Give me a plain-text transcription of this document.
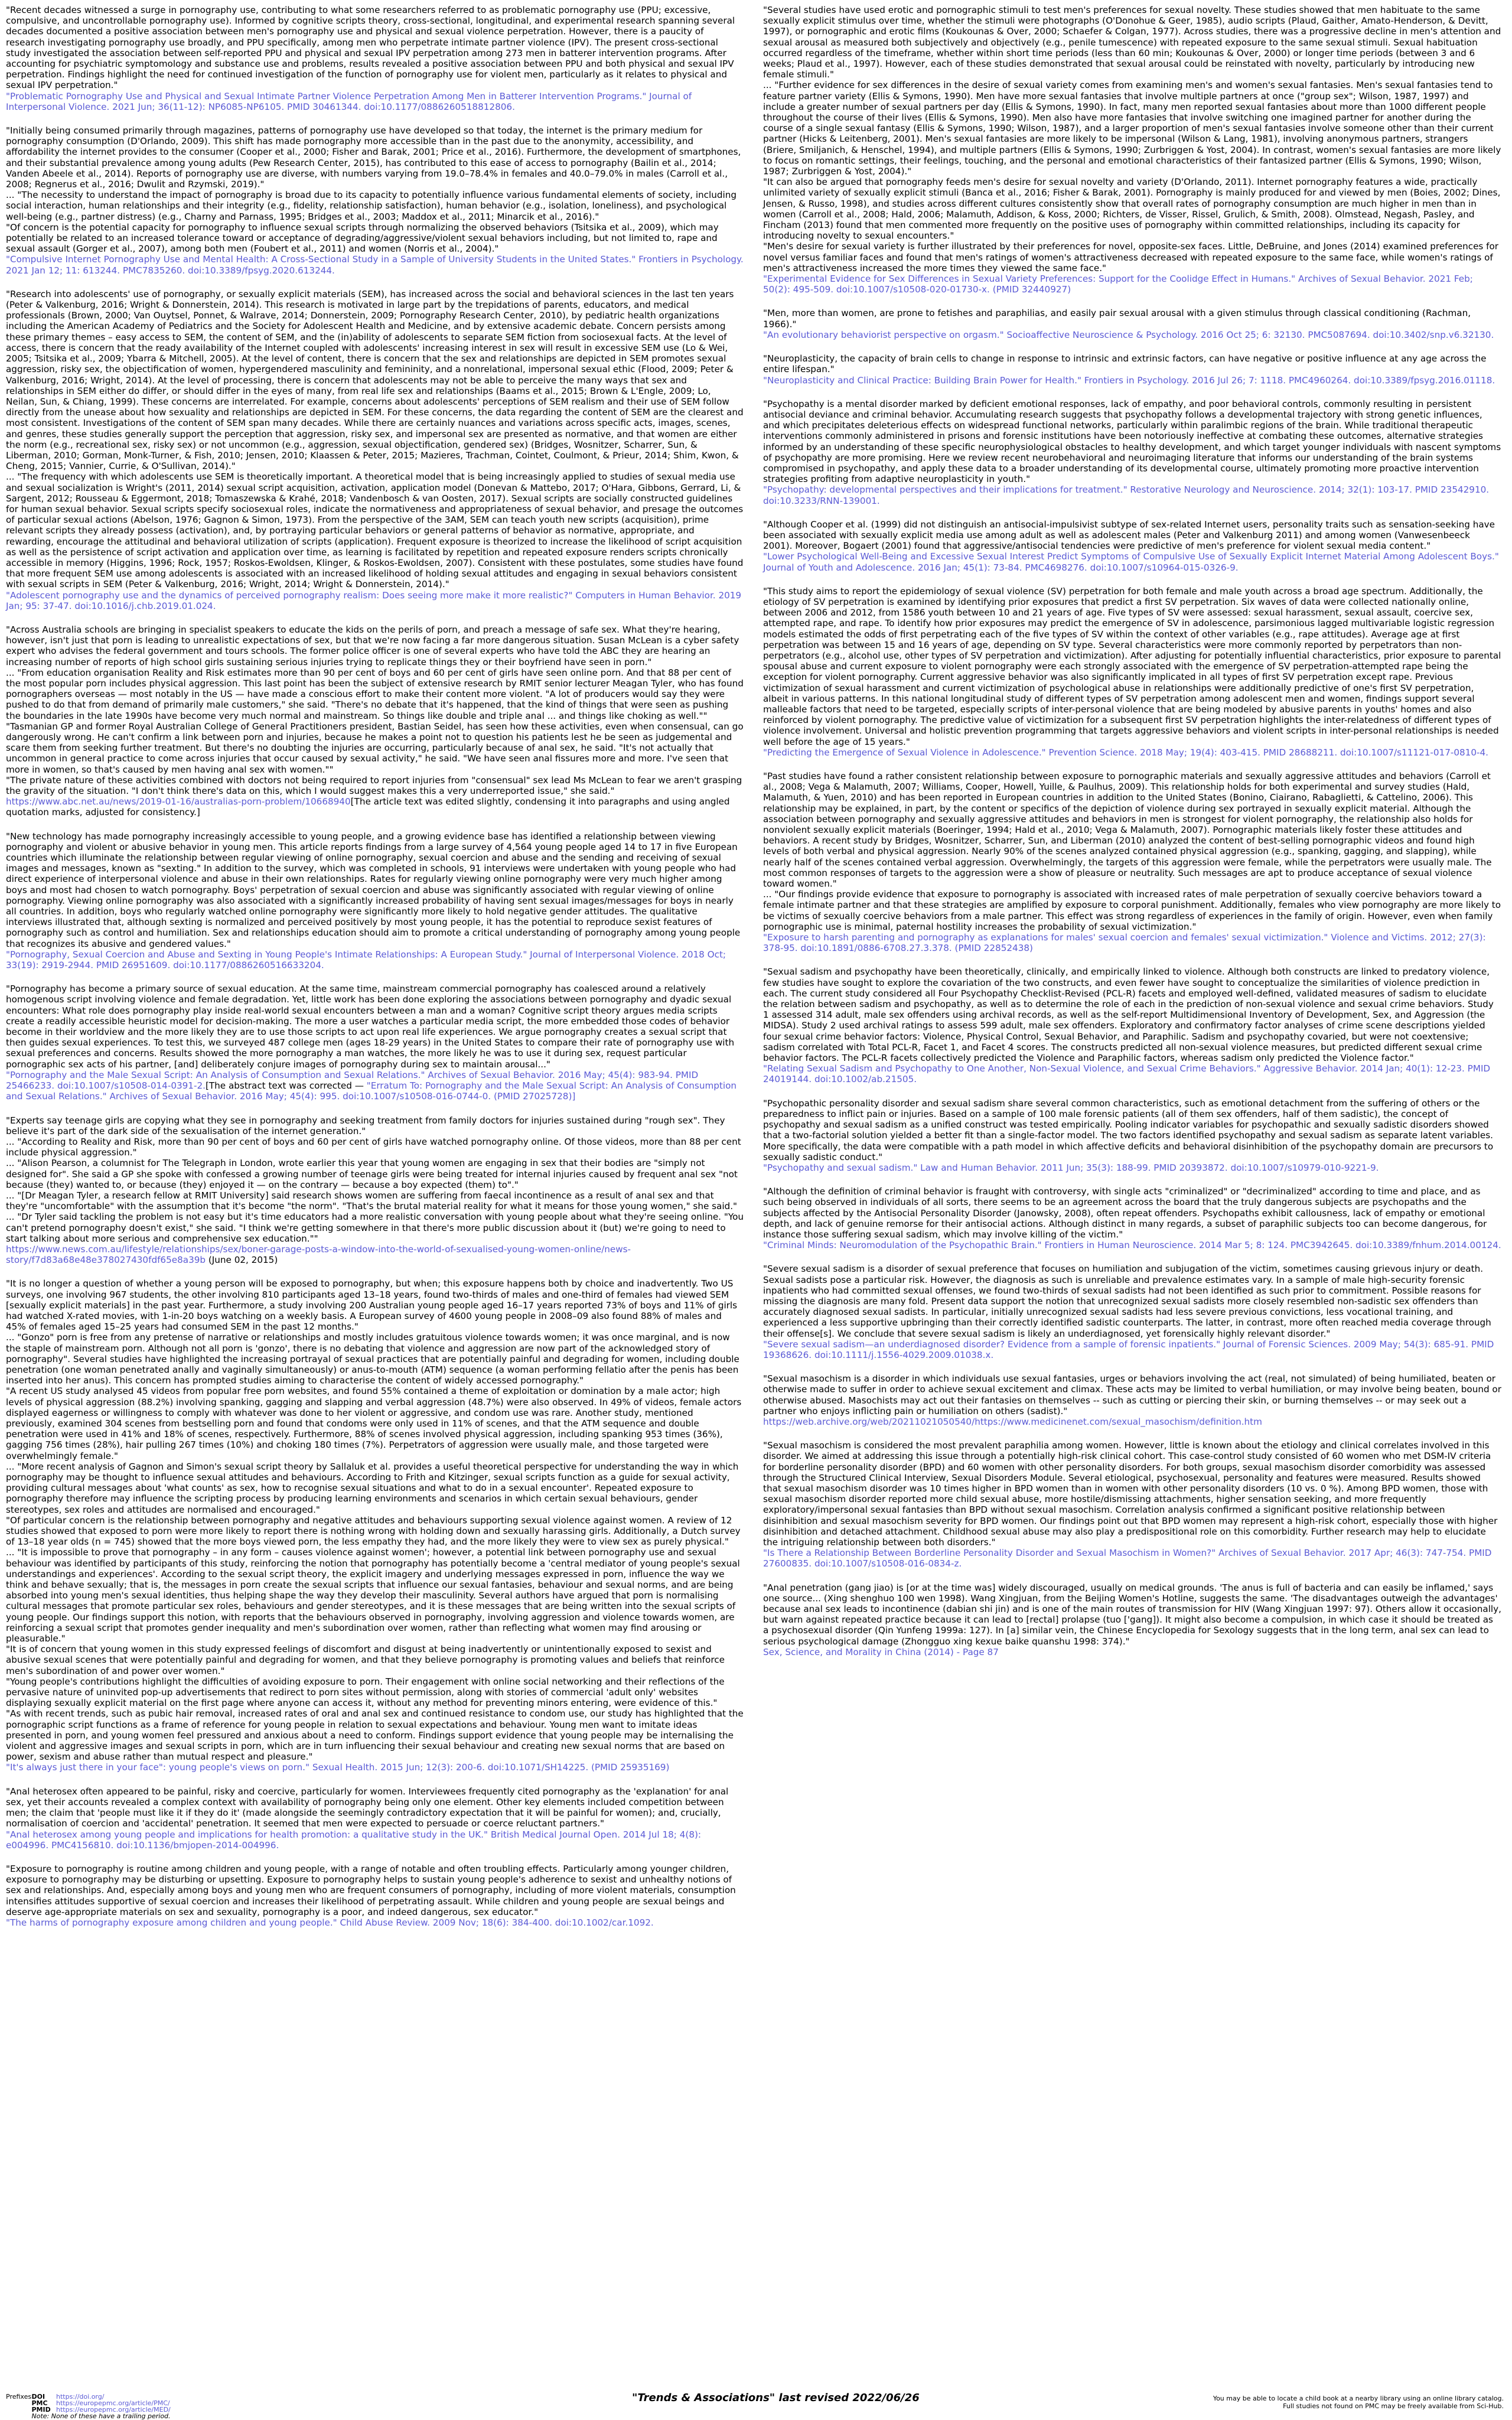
"Recent decades witnessed a surge in pornography use, contributing to what some researchers referred to as problematic pornography use (PPU; excessive, compulsive, and uncontrollable pornography use). Informed by cognitive scripts theory, cross-sectional, longitudinal, and experimental research spanning several decades documented a positive association between men's pornography use and physical and sexual violence perpetration. However, there is a paucity of research investigating pornography use broadly, and PPU specifically, among men who perpetrate intimate partner violence (IPV). The present cross-sectional study investigated the association between self-reported PPU and physical and sexual IPV perpetration among 273 men in batterer intervention programs. After accounting for psychiatric symptomology and substance use and problems, results revealed a positive association between PPU and both physical and sexual IPV perpetration. Findings highlight the need for continued investigation of the function of pornography use for violent men, particularly as it relates to physical and sexual IPV perpetration."

"Problematic Pornography Use and Physical and Sexual Intimate Partner Violence Perpetration Among Men in Batterer Intervention Programs." Journal of Interpersonal Violence. 2021 Jun; 36(11-12): NP6085-NP6105. PMID 30461344. doi:10.1177/0886260518812806.

"Initially being consumed primarily through magazines, patterns of pornography use have developed so that today, the internet is the primary medium for pornography consumption (D'Orlando, 2009). This shift has made pornography more accessible than in the past due to the anonymity, accessibility, and affordability the internet provides to the consumer (Cooper et al., 2000; Fisher and Barak, 2001; Price et al., 2016). Furthermore, the development of smartphones, and their substantial prevalence among young adults (Pew Research Center, 2015), has contributed to this ease of access to pornography (Bailin et al., 2014; Vanden Abeele et al., 2014). Reports of pornography use are diverse, with numbers varying from 19.0–78.4% in females and 40.0–79.0% in males (Carroll et al., 2008; Regnerus et al., 2016; Dwulit and Rzymski, 2019)."
... "The necessity to understand the impact of pornography is broad due to its capacity to potentially influence various fundamental elements of society, including social interaction, human relationships and their integrity (e.g., fidelity, relationship satisfaction), human behavior (e.g., isolation, loneliness), and psychological well-being (e.g., partner distress) (e.g., Charny and Parnass, 1995; Bridges et al., 2003; Maddox et al., 2011; Minarcik et al., 2016)."
"Of concern is the potential capacity for pornography to influence sexual scripts through normalizing the observed behaviors (Tsitsika et al., 2009), which may potentially be related to an increased tolerance toward or acceptance of degrading/aggressive/violent sexual behaviors including, but not limited to, rape and sexual assault (Gorger et al., 2007), among both men (Foubert et al., 2011) and women (Norris et al., 2004)."

"Compulsive Internet Pornography Use and Mental Health: A Cross-Sectional Study in a Sample of University Students in the United States." Frontiers in Psychology. 2021 Jan 12; 11: 613244. PMC7835260. doi:10.3389/fpsyg.2020.613244.

"Research into adolescents' use of pornography, or sexually explicit materials (SEM), has increased across the social and behavioral sciences in the last ten years (Peter & Valkenburg, 2016; Wright & Donnerstein, 2014). This research is motivated in large part by the trepidations of parents, educators, and medical professionals (Brown, 2000; Van Ouytsel, Ponnet, & Walrave, 2014; Donnerstein, 2009; Pornography Research Center, 2010), by pediatric health organizations including the American Academy of Pediatrics and the Society for Adolescent Health and Medicine, and by extensive academic debate. Concern persists among these primary themes – easy access to SEM, the content of SEM, and the (in)ability of adolescents to separate SEM fiction from sociosexual facts. At the level of access, there is concern that the ready availability of the Internet coupled with adolescents' increasing interest in sex will result in excessive SEM use (Lo & Wei, 2005; Tsitsika et al., 2009; Ybarra & Mitchell, 2005). At the level of content, there is concern that the sex and relationships are depicted in SEM promotes sexual aggression, risky sex, the objectification of women, hypergendered masculinity and femininity, and a nonrelational, impersonal sexual ethic (Flood, 2009; Peter & Valkenburg, 2016; Wright, 2014). At the level of processing, there is concern that adolescents may not be able to perceive the many ways that sex and relationships in SEM either do differ, or should differ in the eyes of many, from real life sex and relationships (Baams et al., 2015; Brown & L'Engle, 2009; Lo, Neilan, Sun, & Chiang, 1999). These concerns are interrelated. For example, concerns about adolescents' perceptions of SEM realism and their use of SEM follow directly from the unease about how sexuality and relationships are depicted in SEM. For these concerns, the data regarding the content of SEM are the clearest and most consistent. Investigations of the content of SEM span many decades. While there are certainly nuances and variations across specific acts, images, scenes, and genres, these studies generally support the perception that aggression, risky sex, and impersonal sex are presented as normative, and that women are either the norm (e.g., recreational sex, risky sex) or not uncommon (e.g., aggression, sexual objectification, gendered sex) (Bridges, Wosnitzer, Scharrer, Sun, & Liberman, 2010; Gorman, Monk-Turner, & Fish, 2010; Jensen, 2010; Klaassen & Peter, 2015; Mazieres, Trachman, Cointet, Coulmont, & Prieur, 2014; Shim, Kwon, & Cheng, 2015; Vannier, Currie, & O'Sullivan, 2014)."
... "The frequency with which adolescents use SEM is theoretically important. A theoretical model that is being increasingly applied to studies of sexual media use and sexual socialization is Wright's (2011, 2014) sexual script acquisition, activation, application model (Donevan & Mattebo, 2017; O'Hara, Gibbons, Gerrard, Li, & Sargent, 2012; Rousseau & Eggermont, 2018; Tomaszewska & Krahé, 2018; Vandenbosch & van Oosten, 2017). Sexual scripts are socially constructed guidelines for human sexual behavior. Sexual scripts specify sociosexual roles, indicate the normativeness and appropriateness of sexual behavior, and presage the outcomes of particular sexual actions (Abelson, 1976; Gagnon & Simon, 1973). From the perspective of the 3AM, SEM can teach youth new scripts (acquisition), prime relevant scripts they already possess (activation), and, by portraying particular behaviors or general patterns of behavior as normative, appropriate, and rewarding, encourage the attitudinal and behavioral utilization of scripts (application). Frequent exposure is theorized to increase the likelihood of script acquisition as well as the persistence of script activation and application over time, as learning is facilitated by repetition and repeated exposure renders scripts chronically accessible in memory (Higgins, 1996; Rock, 1957; Roskos-Ewoldsen, Klinger, & Roskos-Ewoldsen, 2007). Consistent with these postulates, some studies have found that more frequent SEM use among adolescents is associated with an increased likelihood of holding sexual attitudes and engaging in sexual behaviors consistent with sexual scripts in SEM (Peter & Valkenburg, 2016; Wright, 2014; Wright & Donnerstein, 2014)."

"Adolescent pornography use and the dynamics of perceived pornography realism: Does seeing more make it more realistic?" Computers in Human Behavior. 2019 Jan; 95: 37-47. doi:10.1016/j.chb.2019.01.024.

"Across Australia schools are bringing in specialist speakers to educate the kids on the perils of porn, and preach a message of safe sex. What they're hearing, however, isn't just that porn is leading to unrealistic expectations of sex, but that we're now facing a far more dangerous situation. Susan McLean is a cyber safety expert who advises the federal government and tours schools. The former police officer is one of several experts who have told the ABC they are hearing an increasing number of reports of high school girls sustaining serious injuries trying to replicate things they or their boyfriend have seen in porn."
... "From education organisation Reality and Risk estimates more than 90 per cent of boys and 60 per cent of girls have seen online porn. And that 88 per cent of the most popular porn includes physical aggression. This last point has been the subject of extensive research by RMIT senior lecturer Meagan Tyler, who has found pornographers overseas — most notably in the US — have made a conscious effort to make their content more violent. "A lot of producers would say they were pushed to do that from demand of primarily male customers," she said. "There's no debate that it's happened, that the kind of things that were seen as pushing the boundaries in the late 1990s have become very much normal and mainstream. So things like double and triple anal ... and things like choking as well.""
"Tasmanian GP and former Royal Australian College of General Practitioners president, Bastian Seidel, has seen how these activities, even when consensual, can go dangerously wrong. He can't confirm a link between porn and injuries, because he makes a point not to question his patients lest he be seen as judgemental and scare them from seeking further treatment. But there's no doubting the injuries are occurring, particularly because of anal sex, he said. "It's not actually that uncommon in general practice to come across injuries that occur caused by sexual activity," he said. "We have seen anal fissures more and more. I've seen that more in women, so that's caused by men having anal sex with women.""
"The private nature of these activities combined with doctors not being required to report injuries from "consensual" sex lead Ms McLean to fear we aren't grasping the gravity of the situation. "I don't think there's data on this, which I would suggest makes this a very underreported issue," she said."

https://www.abc.net.au/news/2019-01-16/australias-porn-problem/10668940[The article text was edited slightly, condensing it into paragraphs and using angled quotation marks, adjusted for consistency.]

"New technology has made pornography increasingly accessible to young people, and a growing evidence base has identified a relationship between viewing pornography and violent or abusive behavior in young men. This article reports findings from a large survey of 4,564 young people aged 14 to 17 in five European countries which illuminate the relationship between regular viewing of online pornography, sexual coercion and abuse and the sending and receiving of sexual images and messages, known as "sexting." In addition to the survey, which was completed in schools, 91 interviews were undertaken with young people who had direct experience of interpersonal violence and abuse in their own relationships. Rates for regularly viewing online pornography were very much higher among boys and most had chosen to watch pornography. Boys' perpetration of sexual coercion and abuse was significantly associated with regular viewing of online pornography. Viewing online pornography was also associated with a significantly increased probability of having sent sexual images/messages for boys in nearly all countries. In addition, boys who regularly watched online pornography were significantly more likely to hold negative gender attitudes. The qualitative interviews illustrated that, although sexting is normalized and perceived positively by most young people, it has the potential to reproduce sexist features of pornography such as control and humiliation. Sex and relationships education should aim to promote a critical understanding of pornography among young people that recognizes its abusive and gendered values."

"Pornography, Sexual Coercion and Abuse and Sexting in Young People's Intimate Relationships: A European Study." Journal of Interpersonal Violence. 2018 Oct; 33(19): 2919-2944. PMID 26951609. doi:10.1177/0886260516633204.

"Pornography has become a primary source of sexual education. At the same time, mainstream commercial pornography has coalesced around a relatively homogenous script involving violence and female degradation. Yet, little work has been done exploring the associations between pornography and dyadic sexual encounters: What role does pornography play inside real-world sexual encounters between a man and a woman? Cognitive script theory argues media scripts create a readily accessible heuristic model for decision-making. The more a user watches a particular media script, the more embedded those codes of behavior become in their worldview and the more likely they are to use those scripts to act upon real life experiences. We argue pornography creates a sexual script that then guides sexual experiences. To test this, we surveyed 487 college men (ages 18-29 years) in the United States to compare their rate of pornography use with sexual preferences and concerns. Results showed the more pornography a man watches, the more likely he was to use it during sex, request particular pornographic sex acts of his partner, [and] deliberately conjure images of pornography during sex to maintain arousal..."

"Pornography and the Male Sexual Script: An Analysis of Consumption and Sexual Relations." Archives of Sexual Behavior. 2016 May; 45(4): 983-94. PMID 25466233. doi:10.1007/s10508-014-0391-2.[The abstract text was corrected — "Erratum To: Pornography and the Male Sexual Script: An Analysis of Consumption and Sexual Relations." Archives of Sexual Behavior. 2016 May; 45(4): 995. doi:10.1007/s10508-016-0744-0. (PMID 27025728)]

"Experts say teenage girls are copying what they see in pornography and seeking treatment from family doctors for injuries sustained during "rough sex". They believe it's part of the dark side of the sexualisation of the internet generation."
... "According to Reality and Risk, more than 90 per cent of boys and 60 per cent of girls have watched pornography online. Of those videos, more than 88 per cent include physical aggression."
... "Alison Pearson, a columnist for The Telegraph in London, wrote earlier this year that young women are engaging in sex that their bodies are "simply not designed for". She said a GP she spoke with confessed a growing number of teenage girls were being treated for internal injuries caused by frequent anal sex "not because (they) wanted to, or because (they) enjoyed it — on the contrary — because a boy expected (them) to"."
... "[Dr Meagan Tyler, a research fellow at RMIT University] said research shows women are suffering from faecal incontinence as a result of anal sex and that they're "uncomfortable" with the assumption that it's become "the norm". "That's the brutal material reality for what it means for those young women," she said."
... "Dr Tyler said tackling the problem is not easy but it's time educators had a more realistic conversation with young people about what they're seeing online. "You can't pretend pornography doesn't exist," she said. "I think we're getting somewhere in that there's more public discussion about it (but) we're going to need to start talking about more serious and comprehensive sex education.""

https://www.news.com.au/lifestyle/relationships/sex/boner-garage-posts-a-window-into-the-world-of-sexualised-young-women-online/news-story/f7d83a68e48e378027430fdf65e8a39b (June 02, 2015)

"It is no longer a question of whether a young person will be exposed to pornography, but when; this exposure happens both by choice and inadvertently. Two US surveys, one involving 967 students, the other involving 810 participants aged 13–18 years, found two-thirds of males and one-third of females had viewed SEM [sexually explicit materials] in the past year. Furthermore, a study involving 200 Australian young people aged 16–17 years reported 73% of boys and 11% of girls had watched X-rated movies, with 1-in-20 boys watching on a weekly basis. A European survey of 4600 young people in 2008–09 also found 88% of males and 45% of females aged 15–25 years had consumed SEM in the past 12 months."
... "Gonzo" porn is free from any pretense of narrative or relationships and mostly includes gratuitous violence towards women; it was once marginal, and is now the staple of mainstream porn. Although not all porn is 'gonzo', there is no debating that violence and aggression are now part of the acknowledged story of pornography". Several studies have highlighted the increasing portrayal of sexual practices that are potentially painful and degrading for women, including double penetration (one woman penetrated anally and vaginally simultaneously) or anus-to-mouth (ATM) sequence (a woman performing fellatio after the penis has been inserted into her anus). This concern has prompted studies aiming to characterise the content of widely accessed pornography."
"A recent US study analysed 45 videos from popular free porn websites, and found 55% contained a theme of exploitation or domination by a male actor; high levels of physical aggression (88.2%) involving spanking, gagging and slapping and verbal aggression (48.7%) were also observed. In 49% of videos, female actors displayed eagerness or willingness to comply with whatever was done to her violent or aggressive, and condom use was rare. Another study, mentioned previously, examined 304 scenes from bestselling porn and found that condoms were only used in 11% of scenes, and that the ATM sequence and double penetration were used in 41% and 18% of scenes, respectively. Furthermore, 88% of scenes involved physical aggression, including spanking 953 times (36%), gagging 756 times (28%), hair pulling 267 times (10%) and choking 180 times (7%). Perpetrators of aggression were usually male, and those targeted were overwhelmingly female."
... "More recent analysis of Gagnon and Simon's sexual script theory by Sallaluk et al. provides a useful theoretical perspective for understanding the way in which pornography may be thought to influence sexual attitudes and behaviours. According to Frith and Kitzinger, sexual scripts function as a guide for sexual activity, providing cultural messages about 'what counts' as sex, how to recognise sexual situations and what to do in a sexual encounter'. Repeated exposure to pornography therefore may influence the scripting process by producing learning environments and scenarios in which certain sexual behaviours, gender stereotypes, sex roles and attitudes are normalised and encouraged."
"Of particular concern is the relationship between pornography and negative attitudes and behaviours supporting sexual violence against women. A review of 12 studies showed that exposed to porn were more likely to report there is nothing wrong with holding down and sexually harassing girls. Additionally, a Dutch survey of 13–18 year olds (n = 745) showed that the more boys viewed porn, the less empathy they had, and the more likely they were to view sex as purely physical."
... "It is impossible to prove that pornography – in any form – causes violence against women'; however, a potential link between pornography use and sexual behaviour was identified by participants of this study, reinforcing the notion that pornography has potentially become a 'central mediator of young people's sexual understandings and experiences'. According to the sexual script theory, the explicit imagery and underlying messages expressed in porn, influence the way we think and behave sexually; that is, the messages in porn create the sexual scripts that influence our sexual fantasies, behaviour and sexual norms, and are being absorbed into young men's sexual identities, thus helping shape the way they develop their masculinity. Several authors have argued that porn is normalising cultural messages that promote particular sex roles, behaviours and gender stereotypes, and it is these messages that are being written into the sexual scripts of young people. Our findings support this notion, with reports that the behaviours observed in pornography, involving aggression and violence towards women, are reinforcing a sexual script that promotes gender inequality and men's subordination over women, rather than reflecting what women may find arousing or pleasurable."
"It is of concern that young women in this study expressed feelings of discomfort and disgust at being inadvertently or unintentionally exposed to sexist and abusive sexual scenes that were potentially painful and degrading for women, and that they believe pornography is promoting values and beliefs that reinforce men's subordination of and power over women."
"Young people's contributions highlight the difficulties of avoiding exposure to porn. Their engagement with online social networking and their reflections of the pervasive nature of uninvited pop-up advertisements that redirect to porn sites without permission, along with stories of commercial 'adult only' websites displaying sexually explicit material on the first page where anyone can access it, without any method for preventing minors entering, were evidence of this."
"As with recent trends, such as pubic hair removal, increased rates of oral and anal sex and continued resistance to condom use, our study has highlighted that the pornographic script functions as a frame of reference for young people in relation to sexual expectations and behaviour. Young men want to imitate ideas presented in porn, and young women feel pressured and anxious about a need to conform. Findings support evidence that young people may be internalising the violent and aggressive images and sexual scripts in porn, which are in turn influencing their sexual behaviour and creating new sexual norms that are based on power, sexism and abuse rather than mutual respect and pleasure."

"It's always just there in your face": young people's views on porn." Sexual Health. 2015 Jun; 12(3): 200-6. doi:10.1071/SH14225. (PMID 25935169)

"Anal heterosex often appeared to be painful, risky and coercive, particularly for women. Interviewees frequently cited pornography as the 'explanation' for anal sex, yet their accounts revealed a complex context with availability of pornography being only one element. Other key elements included competition between men; the claim that 'people must like it if they do it' (made alongside the seemingly contradictory expectation that it will be painful for women); and, crucially, normalisation of coercion and 'accidental' penetration. It seemed that men were expected to persuade or coerce reluctant partners."

"Anal heterosex among young people and implications for health promotion: a qualitative study in the UK." British Medical Journal Open. 2014 Jul 18; 4(8): e004996. PMC4156810. doi:10.1136/bmjopen-2014-004996.

"Exposure to pornography is routine among children and young people, with a range of notable and often troubling effects. Particularly among younger children, exposure to pornography may be disturbing or upsetting. Exposure to pornography helps to sustain young people's adherence to sexist and unhealthy notions of sex and relationships. And, especially among boys and young men who are frequent consumers of pornography, including of more violent materials, consumption intensifies attitudes supportive of sexual coercion and increases their likelihood of perpetrating assault. While children and young people are sexual beings and deserve age-appropriate materials on sex and sexuality, pornography is a poor, and indeed dangerous, sex educator."

"The harms of pornography exposure among children and young people." Child Abuse Review. 2009 Nov; 18(6): 384-400. doi:10.1002/car.1092.

"Several studies have used erotic and pornographic stimuli to test men's preferences for sexual novelty. These studies showed that men habituate to the same sexually explicit stimulus over time, whether the stimuli were photographs (O'Donohue & Geer, 1985), audio scripts (Plaud, Gaither, Amato-Henderson, & Devitt, 1997), or pornographic and erotic films (Koukounas & Over, 2000; Schaefer & Colgan, 1977). Across studies, there was a progressive decline in men's attention and sexual arousal as measured both subjectively and objectively (e.g., penile tumescence) with repeated exposure to the same sexual stimuli. Sexual habituation occurred regardless of the timeframe, whether within short time periods (less than 60 min; Koukounas & Over, 2000) or longer time periods (between 3 and 6 weeks; Plaud et al., 1997). However, each of these studies demonstrated that sexual arousal could be reinstated with novelty, particularly by introducing new female stimuli."
... "Further evidence for sex differences in the desire of sexual variety comes from examining men's and women's sexual fantasies. Men's sexual fantasies tend to feature partner variety (Ellis & Symons, 1990). Men have more sexual fantasies that involve multiple partners at once ("group sex"; Wilson, 1987, 1997) and include a greater number of sexual partners per day (Ellis & Symons, 1990). In fact, many men reported sexual fantasies about more than 1000 different people throughout the course of their lives (Ellis & Symons, 1990). Men also have more fantasies that involve switching one imagined partner for another during the course of a single sexual fantasy (Ellis & Symons, 1990; Wilson, 1987), and a larger proportion of men's sexual fantasies involve someone other than their current partner (Hicks & Leitenberg, 2001). Men's sexual fantasies are more likely to be impersonal (Wilson & Lang, 1981), involving anonymous partners, strangers (Briere, Smiljanich, & Henschel, 1994), and multiple partners (Ellis & Symons, 1990; Zurbriggen & Yost, 2004). In contrast, women's sexual fantasies are more likely to focus on romantic settings, their feelings, touching, and the personal and emotional characteristics of their fantasized partner (Ellis & Symons, 1990; Wilson, 1987; Zurbriggen & Yost, 2004)."
"It can also be argued that pornography feeds men's desire for sexual novelty and variety (D'Orlando, 2011). Internet pornography features a wide, practically unlimited variety of sexually explicit stimuli (Banca et al., 2016; Fisher & Barak, 2001). Pornography is mainly produced for and viewed by men (Boies, 2002; Dines, Jensen, & Russo, 1998), and studies across different cultures consistently show that overall rates of pornography consumption are much higher in men than in women (Carroll et al., 2008; Hald, 2006; Malamuth, Addison, & Koss, 2000; Richters, de Visser, Rissel, Grulich, & Smith, 2008). Olmstead, Negash, Pasley, and Fincham (2013) found that men commented more frequently on the positive uses of pornography within committed relationships, including its capacity for introducing novelty to sexual encounters."
"Men's desire for sexual variety is further illustrated by their preferences for novel, opposite-sex faces. Little, DeBruine, and Jones (2014) examined preferences for novel versus familiar faces and found that men's ratings of women's attractiveness decreased with repeated exposure to the same face, while women's ratings of men's attractiveness increased the more times they viewed the same face."

"Experimental Evidence for Sex Differences in Sexual Variety Preferences: Support for the Coolidge Effect in Humans." Archives of Sexual Behavior. 2021 Feb; 50(2): 495-509. doi:10.1007/s10508-020-01730-x. (PMID 32440927)

"Men, more than women, are prone to fetishes and paraphilias, and easily pair sexual arousal with a given stimulus through classical conditioning (Rachman, 1966)."

"An evolutionary behaviorist perspective on orgasm." Socioaffective Neuroscience & Psychology. 2016 Oct 25; 6: 32130. PMC5087694. doi:10.3402/snp.v6.32130.

"Neuroplasticity, the capacity of brain cells to change in response to intrinsic and extrinsic factors, can have negative or positive influence at any age across the entire lifespan."

"Neuroplasticity and Clinical Practice: Building Brain Power for Health." Frontiers in Psychology. 2016 Jul 26; 7: 1118. PMC4960264. doi:10.3389/fpsyg.2016.01118.

"Psychopathy is a mental disorder marked by deficient emotional responses, lack of empathy, and poor behavioral controls, commonly resulting in persistent antisocial deviance and criminal behavior. Accumulating research suggests that psychopathy follows a developmental trajectory with strong genetic influences, and which precipitates deleterious effects on widespread functional networks, particularly within paralimbic regions of the brain. While traditional therapeutic interventions commonly administered in prisons and forensic institutions have been notoriously ineffective at combating these outcomes, alternative strategies informed by an understanding of these specific neurophysiological obstacles to healthy development, and which target younger individuals with nascent symptoms of psychopathy are more promising. Here we review recent neurobehavioral and neuroimaging literature that informs our understanding of the brain systems compromised in psychopathy, and apply these data to a broader understanding of its developmental course, ultimately promoting more proactive intervention strategies profiting from adaptive neuroplasticity in youth."

"Psychopathy: developmental perspectives and their implications for treatment." Restorative Neurology and Neuroscience. 2014; 32(1): 103-17. PMID 23542910. doi:10.3233/RNN-139001.

"Although Cooper et al. (1999) did not distinguish an antisocial-impulsivist subtype of sex-related Internet users, personality traits such as sensation-seeking have been associated with sexually explicit media use among adult as well as adolescent males (Peter and Valkenburg 2011) and among women (Vanwesenbeeck 2001). Moreover, Bogaert (2001) found that aggressive/antisocial tendencies were predictive of men's preference for violent sexual media content."

"Lower Psychological Well-Being and Excessive Sexual Interest Predict Symptoms of Compulsive Use of Sexually Explicit Internet Material Among Adolescent Boys." Journal of Youth and Adolescence. 2016 Jan; 45(1): 73-84. PMC4698276. doi:10.1007/s10964-015-0326-9.

"This study aims to report the epidemiology of sexual violence (SV) perpetration for both female and male youth across a broad age spectrum. Additionally, the etiology of SV perpetration is examined by identifying prior exposures that predict a first SV perpetration. Six waves of data were collected nationally online, between 2006 and 2012, from 1586 youth between 10 and 21 years of age. Five types of SV were assessed: sexual harassment, sexual assault, coercive sex, attempted rape, and rape. To identify how prior exposures may predict the emergence of SV in adolescence, parsimonious lagged multivariable logistic regression models estimated the odds of first perpetrating each of the five types of SV within the context of other variables (e.g., rape attitudes). Average age at first perpetration was between 15 and 16 years of age, depending on SV type. Several characteristics were more commonly reported by perpetrators than non-perpetrators (e.g., alcohol use, other types of SV perpetration and victimization). After adjusting for potentially influential characteristics, prior exposure to parental spousal abuse and current exposure to violent pornography were each strongly associated with the emergence of SV perpetration-attempted rape being the exception for violent pornography. Current aggressive behavior was also significantly implicated in all types of first SV perpetration except rape. Previous victimization of sexual harassment and current victimization of psychological abuse in relationships were additionally predictive of one's first SV perpetration, albeit in various patterns. In this national longitudinal study of different types of SV perpetration among adolescent men and women, findings support several malleable factors that need to be targeted, especially scripts of inter-personal violence that are being modeled by abusive parents in youths' homes and also reinforced by violent pornography. The predictive value of victimization for a subsequent first SV perpetration highlights the inter-relatedness of different types of violence involvement. Universal and holistic prevention programming that targets aggressive behaviors and violent scripts in inter-personal relationships is needed well before the age of 15 years."

"Predicting the Emergence of Sexual Violence in Adolescence." Prevention Science. 2018 May; 19(4): 403-415. PMID 28688211. doi:10.1007/s11121-017-0810-4.

"Past studies have found a rather consistent relationship between exposure to pornographic materials and sexually aggressive attitudes and behaviors (Carroll et al., 2008; Vega & Malamuth, 2007; Williams, Cooper, Howell, Yuille, & Paulhus, 2009). This relationship holds for both experimental and survey studies (Hald, Malamuth, & Yuen, 2010) and has been reported in European countries in addition to the United States (Bonino, Ciairano, Rabaglietti, & Cattelino, 2006). This relationship may be explained, in part, by the content or specifics of the depiction of violence during sex portrayed in sexually explicit material. Although the association between pornography and sexually aggressive attitudes and behaviors in men is strongest for violent pornography, the relationship also holds for nonviolent sexually explicit materials (Boeringer, 1994; Hald et al., 2010; Vega & Malamuth, 2007). Pornographic materials likely foster these attitudes and behaviors. A recent study by Bridges, Wosnitzer, Scharrer, Sun, and Liberman (2010) analyzed the content of best-selling pornographic videos and found high levels of both verbal and physical aggression. Nearly 90% of the scenes analyzed contained physical aggression (e.g., spanking, gagging, and slapping), while nearly half of the scenes contained verbal aggression. Overwhelmingly, the targets of this aggression were female, while the perpetrators were usually male. The most common responses of targets to the aggression were a show of pleasure or neutrality. Such messages are apt to produce acceptance of sexual violence toward women."
... "Our findings provide evidence that exposure to pornography is associated with increased rates of male perpetration of sexually coercive behaviors toward a female intimate partner and that these strategies are amplified by exposure to corporal punishment. Additionally, females who view pornography are more likely to be victims of sexually coercive behaviors from a male partner. This effect was strong regardless of experiences in the family of origin. However, even when family pornographic use is minimal, paternal hostility increases the probability of sexual victimization."

"Exposure to harsh parenting and pornography as explanations for males' sexual coercion and females' sexual victimization." Violence and Victims. 2012; 27(3): 378-95. doi:10.1891/0886-6708.27.3.378. (PMID 22852438)

"Sexual sadism and psychopathy have been theoretically, clinically, and empirically linked to violence. Although both constructs are linked to predatory violence, few studies have sought to explore the covariation of the two constructs, and even fewer have sought to conceptualize the similarities of violence prediction in each. The current study considered all Four Psychopathy Checklist-Revised (PCL-R) facets and employed well-defined, validated measures of sadism to elucidate the relation between sadism and psychopathy, as well as to determine the role of each in the prediction of non-sexual violence and sexual crime behaviors. Study 1 assessed 314 adult, male sex offenders using archival records, as well as the self-report Multidimensional Inventory of Development, Sex, and Aggression (the MIDSA). Study 2 used archival ratings to assess 599 adult, male sex offenders. Exploratory and confirmatory factor analyses of crime scene descriptions yielded four sexual crime behavior factors: Violence, Physical Control, Sexual Behavior, and Paraphilic. Sadism and psychopathy covaried, but were not coextensive; sadism correlated with Total PCL-R, Facet 1, and Facet 4 scores. The constructs predicted all non-sexual violence measures, but predicted different sexual crime behavior factors. The PCL-R facets collectively predicted the Violence and Paraphilic factors, whereas sadism only predicted the Violence factor."

"Relating Sexual Sadism and Psychopathy to One Another, Non-Sexual Violence, and Sexual Crime Behaviors." Aggressive Behavior. 2014 Jan; 40(1): 12-23. PMID 24019144. doi:10.1002/ab.21505.

"Psychopathic personality disorder and sexual sadism share several common characteristics, such as emotional detachment from the suffering of others or the preparedness to inflict pain or injuries. Based on a sample of 100 male forensic patients (all of them sex offenders, half of them sadistic), the concept of psychopathy and sexual sadism as a unified construct was tested empirically. Pooling indicator variables for psychopathic and sexually sadistic disorders showed that a two-factorial solution yielded a better fit than a single-factor model. The two factors identified psychopathy and sexual sadism as separate latent variables. More specifically, the data were compatible with a path model in which affective deficits and behavioral disinhibition of the psychopathy domain are precursors to sexually sadistic conduct."

"Psychopathy and sexual sadism." Law and Human Behavior. 2011 Jun; 35(3): 188-99. PMID 20393872. doi:10.1007/s10979-010-9221-9.

"Although the definition of criminal behavior is fraught with controversy, with single acts "criminalized" or "decriminalized" according to time and place, and as such being observed in individuals of all sorts, there seems to be an agreement across the board that the truly dangerous subjects are psychopaths and the subjects affected by the Antisocial Personality Disorder (Janowsky, 2008), often repeat offenders. Psychopaths exhibit callousness, lack of empathy or emotional depth, and lack of genuine remorse for their antisocial actions. Although distinct in many regards, a subset of paraphilic subjects too can become dangerous, for instance those suffering sexual sadism, which may involve killing of the victim."

"Criminal Minds: Neuromodulation of the Psychopathic Brain." Frontiers in Human Neuroscience. 2014 Mar 5; 8: 124. PMC3942645. doi:10.3389/fnhum.2014.00124.

"Severe sexual sadism is a disorder of sexual preference that focuses on humiliation and subjugation of the victim, sometimes causing grievous injury or death. Sexual sadists pose a particular risk. However, the diagnosis as such is unreliable and prevalence estimates vary. In a sample of male high-security forensic inpatients who had committed sexual offenses, we found two-thirds of sexual sadists had not been identified as such prior to commitment. Possible reasons for missing the diagnosis are many fold. Present data support the notion that unrecognized sexual sadists more closely resembled non-sadistic sex offenders than accurately diagnosed sexual sadists. In particular, initially unrecognized sexual sadists had less severe previous convictions, less vocational training, and experienced a less supportive upbringing than their correctly identified sadistic counterparts. The latter, in contrast, more often reached media coverage through their offense[s]. We conclude that severe sexual sadism is likely an underdiagnosed, yet forensically highly relevant disorder."

"Severe sexual sadism—an underdiagnosed disorder? Evidence from a sample of forensic inpatients." Journal of Forensic Sciences. 2009 May; 54(3): 685-91. PMID 19368626. doi:10.1111/j.1556-4029.2009.01038.x.

"Sexual masochism is a disorder in which individuals use sexual fantasies, urges or behaviors involving the act (real, not simulated) of being humiliated, beaten or otherwise made to suffer in order to achieve sexual excitement and climax. These acts may be limited to verbal humiliation, or may involve being beaten, bound or otherwise abused. Masochists may act out their fantasies on themselves -- such as cutting or piercing their skin, or burning themselves -- or may seek out a partner who enjoys inflicting pain or humiliation on others (sadist)."

https://web.archive.org/web/20211021050540/https://www.medicinenet.com/sexual_masochism/definition.htm

"Sexual masochism is considered the most prevalent paraphilia among women. However, little is known about the etiology and clinical correlates involved in this disorder. We aimed at addressing this issue through a potentially high-risk clinical cohort. This case-control study consisted of 60 women who met DSM-IV criteria for borderline personality disorder (BPD) and 60 women with other personality disorders. For both groups, sexual masochism disorder comorbidity was assessed through the Structured Clinical Interview, Sexual Disorders Module. Several etiological, psychosexual, personality and features were measured. Results showed that sexual masochism disorder was 10 times higher in BPD women than in women with other personality disorders (10 vs. 0 %). Among BPD women, those with sexual masochism disorder reported more child sexual abuse, more hostile/dismissing attachments, higher sensation seeking, and more frequently exploratory/impersonal sexual fantasies than BPD without sexual masochism. Correlation analysis confirmed a significant positive relationship between disinhibition and sexual masochism severity for BPD women. Our findings point out that BPD women may represent a high-risk cohort, especially those with higher disinhibition and detached attachment. Childhood sexual abuse may also play a predispositional role on this comorbidity. Further research may help to elucidate the intriguing relationship between both disorders."

"Is There a Relationship Between Borderline Personality Disorder and Sexual Masochism in Women?" Archives of Sexual Behavior. 2017 Apr; 46(3): 747-754. PMID 27600835. doi:10.1007/s10508-016-0834-z.

"Anal penetration (gang jiao) is [or at the time was] widely discouraged, usually on medical grounds. 'The anus is full of bacteria and can easily be inflamed,' says one source... (Xing shenghuo 100 wen 1998). Wang Xingjuan, from the Beijing Women's Hotline, suggests the same. 'The disadvantages outweigh the advantages' because anal sex leads to incontinence (dabian shi jin) and is one of the main routes of transmission for HIV (Wang Xingjuan 1997: 97). Others allow it occasionally, but warn against repeated practice because it can lead to [rectal] prolapse (tuo ['gang]). It might also become a compulsion, in which case it should be treated as a psychosexual disorder (Qin Yunfeng 1999a: 127). In [a] similar vein, the Chinese Encyclopedia for Sexology suggests that in the long term, anal sex can lead to serious psychological damage (Zhongguo xing kexue baike quanshu 1998: 374)."

Sex, Science, and Morality in China (2014) - Page 87

Prefixes: DOI https://doi.org/
PMC https://europepmc.org/article/PMC/
PMID https://europepmc.org/article/MED/
Note: None of these have a trailing period.
"Trends & Associations" last revised 2022/06/26	You may be able to locate a child book at a nearby library using an online library catalog.
Full studies not found on PMC may be freely available from Sci-Hub.
